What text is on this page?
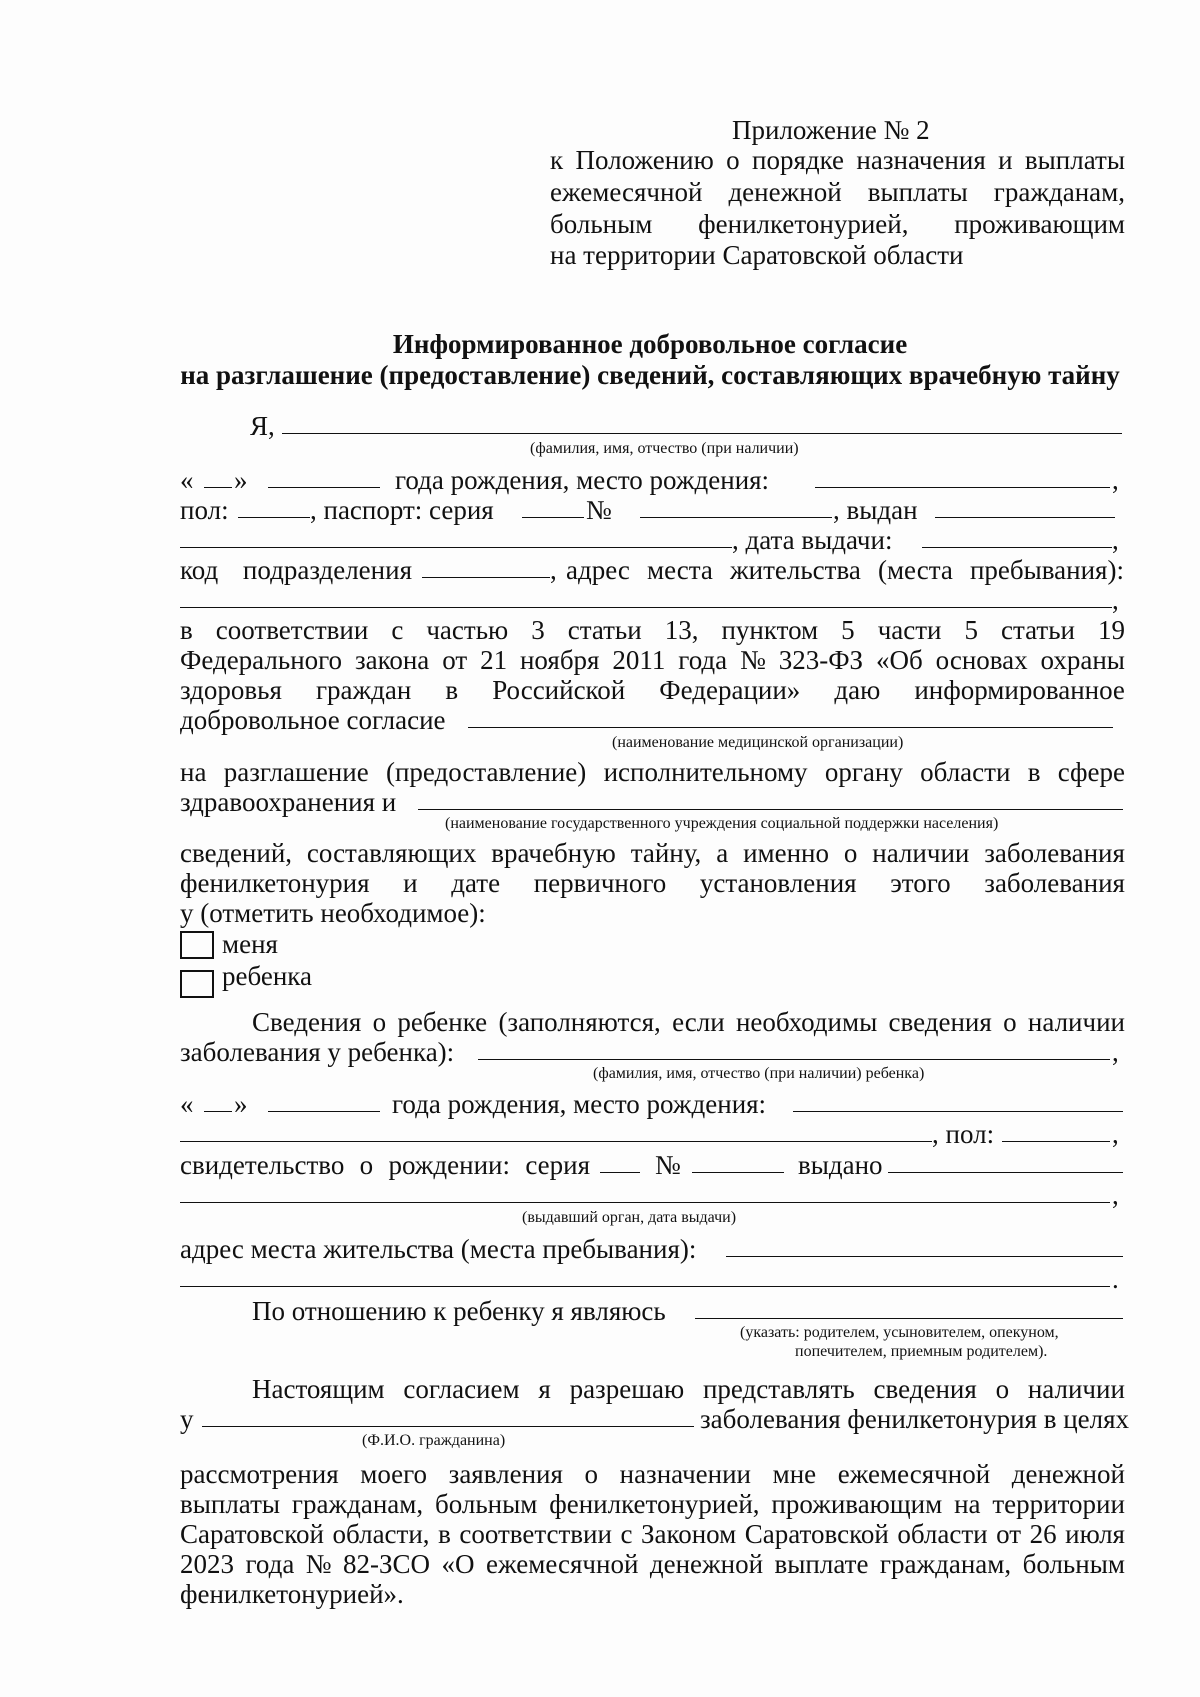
Приложение № 2
к Положению о порядке назначения и выплаты
ежемесячной денежной выплаты гражданам,
больным фенилкетонурией, проживающим
на территории Саратовской области
Информированное добровольное согласие
на разглашение (предоставление) сведений, составляющих врачебную тайну
Я,
(фамилия, имя, отчество (при наличии)
« »	года рождения, место рождения:	,
пол:	, паспорт: серия	№	, выдан
, дата выдачи:	,
код подразделения	, адрес места жительства (места пребывания):
,
в соответствии с частью 3 статьи 13, пунктом 5 части 5 статьи 19
Федерального закона от 21 ноября 2011 года № 323-ФЗ «Об основах охраны
здоровья граждан в Российской Федерации» даю информированное
добровольное согласие
(наименование медицинской организации)
на разглашение (предоставление) исполнительному органу области в сфере
здравоохранения и
(наименование государственного учреждения социальной поддержки населения)
сведений, составляющих врачебную тайну, а именно о наличии заболевания
фенилкетонурия и дате первичного установления этого заболевания
у (отметить необходимое):
меня
ребенка
Сведения о ребенке (заполняются, если необходимы сведения о наличии
заболевания у ребенка):	,
(фамилия, имя, отчество (при наличии) ребенка)
« »	года рождения, место рождения:
, пол:	,
свидетельство о рождении: серия №	выдано
,
(выдавший орган, дата выдачи)
адрес места жительства (места пребывания):
.
По отношению к ребенку я являюсь
(указать: родителем, усыновителем, опекуном,
попечителем, приемным родителем).
Настоящим согласием я разрешаю представлять сведения о наличии
у	заболевания фенилкетонурия в целях
(Ф.И.О. гражданина)
рассмотрения моего заявления о назначении мне ежемесячной денежной
выплаты гражданам, больным фенилкетонурией, проживающим на территории
Саратовской области, в соответствии с Законом Саратовской области от 26 июля
2023 года № 82-ЗСО «О ежемесячной денежной выплате гражданам, больным
фенилкетонурией».
